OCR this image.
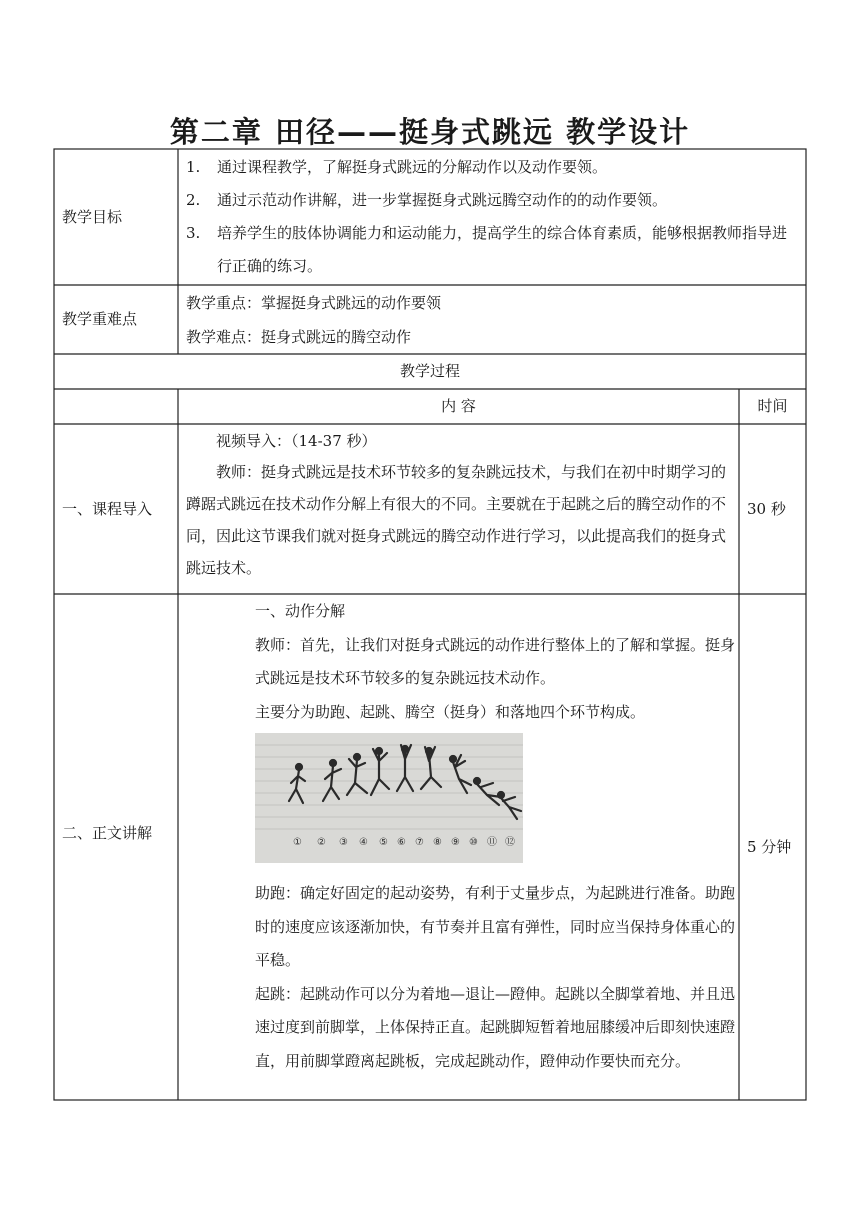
第二章 田径——挺身式跳远 教学设计
教学目标
1. 通过课程教学，了解挺身式跳远的分解动作以及动作要领。
2. 通过示范动作讲解，进一步掌握挺身式跳远腾空动作的的动作要领。
3. 培养学生的肢体协调能力和运动能力，提高学生的综合体育素质，能够根据教师指导进行正确的练习。
教学重难点

教学重点：掌握挺身式跳远的动作要领

教学难点：挺身式跳远的腾空动作

教学过程
内 容	时间
一、课程导入

视频导入：（14-37 秒）

教师：挺身式跳远是技术环节较多的复杂跳远技术，与我们在初中时期学习的蹲踞式跳远在技术动作分解上有很大的不同。主要就在于起跳之后的腾空动作的不同，因此这节课我们就对挺身式跳远的腾空动作进行学习，以此提高我们的挺身式跳远技术。

30 秒
二、正文讲解

一、动作分解

教师：首先，让我们对挺身式跳远的动作进行整体上的了解和掌握。挺身式跳远是技术环节较多的复杂跳远技术动作。

主要分为助跑、起跳、腾空（挺身）和落地四个环节构成。

① ② ③ ④ ⑤ ⑥ ⑦ ⑧ ⑨ ⑩ ⑪ ⑫

助跑：确定好固定的起动姿势，有利于丈量步点，为起跳进行准备。助跑时的速度应该逐渐加快，有节奏并且富有弹性，同时应当保持身体重心的平稳。

起跳：起跳动作可以分为着地—退让—蹬伸。起跳以全脚掌着地、并且迅速过度到前脚掌，上体保持正直。起跳脚短暂着地屈膝缓冲后即刻快速蹬直，用前脚掌蹬离起跳板，完成起跳动作，蹬伸动作要快而充分。

5 分钟
